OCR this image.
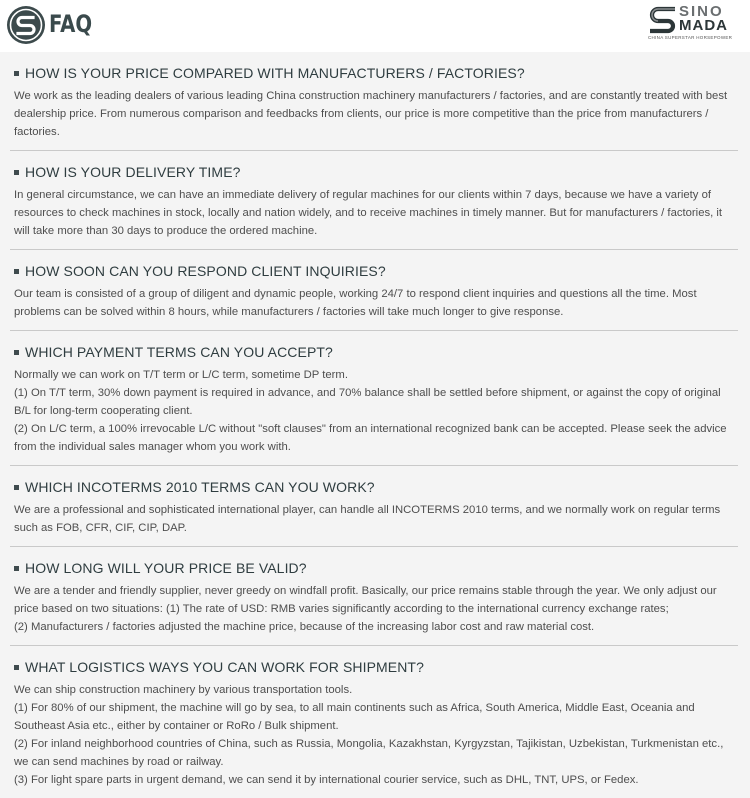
FAQ	SINO
MADA
CHINA SUPERSTAR HORSEPOWER
HOW IS YOUR PRICE COMPARED WITH MANUFACTURERS / FACTORIES?

We work as the leading dealers of various leading China construction machinery manufacturers / factories, and are constantly treated with best dealership price. From numerous comparison and feedbacks from clients, our price is more competitive than the price from manufacturers / factories.

HOW IS YOUR DELIVERY TIME?

In general circumstance, we can have an immediate delivery of regular machines for our clients within 7 days, because we have a variety of resources to check machines in stock, locally and nation widely, and to receive machines in timely manner. But for manufacturers / factories, it will take more than 30 days to produce the ordered machine.

HOW SOON CAN YOU RESPOND CLIENT INQUIRIES?

Our team is consisted of a group of diligent and dynamic people, working 24/7 to respond client inquiries and questions all the time. Most problems can be solved within 8 hours, while manufacturers / factories will take much longer to give response.

WHICH PAYMENT TERMS CAN YOU ACCEPT?

Normally we can work on T/T term or L/C term, sometime DP term.

(1) On T/T term, 30% down payment is required in advance, and 70% balance shall be settled before shipment, or against the copy of original B/L for long-term cooperating client.

(2) On L/C term, a 100% irrevocable L/C without "soft clauses" from an international recognized bank can be accepted. Please seek the advice from the individual sales manager whom you work with.

WHICH INCOTERMS 2010 TERMS CAN YOU WORK?

We are a professional and sophisticated international player, can handle all INCOTERMS 2010 terms, and we normally work on regular terms such as FOB, CFR, CIF, CIP, DAP.

HOW LONG WILL YOUR PRICE BE VALID?

We are a tender and friendly supplier, never greedy on windfall profit. Basically, our price remains stable through the year. We only adjust our price based on two situations: (1) The rate of USD: RMB varies significantly according to the international currency exchange rates;

(2) Manufacturers / factories adjusted the machine price, because of the increasing labor cost and raw material cost.

WHAT LOGISTICS WAYS YOU CAN WORK FOR SHIPMENT?

We can ship construction machinery by various transportation tools.

(1) For 80% of our shipment, the machine will go by sea, to all main continents such as Africa, South America, Middle East, Oceania and Southeast Asia etc., either by container or RoRo / Bulk shipment.

(2) For inland neighborhood countries of China, such as Russia, Mongolia, Kazakhstan, Kyrgyzstan, Tajikistan, Uzbekistan, Turkmenistan etc., we can send machines by road or railway.

(3) For light spare parts in urgent demand, we can send it by international courier service, such as DHL, TNT, UPS, or Fedex.
